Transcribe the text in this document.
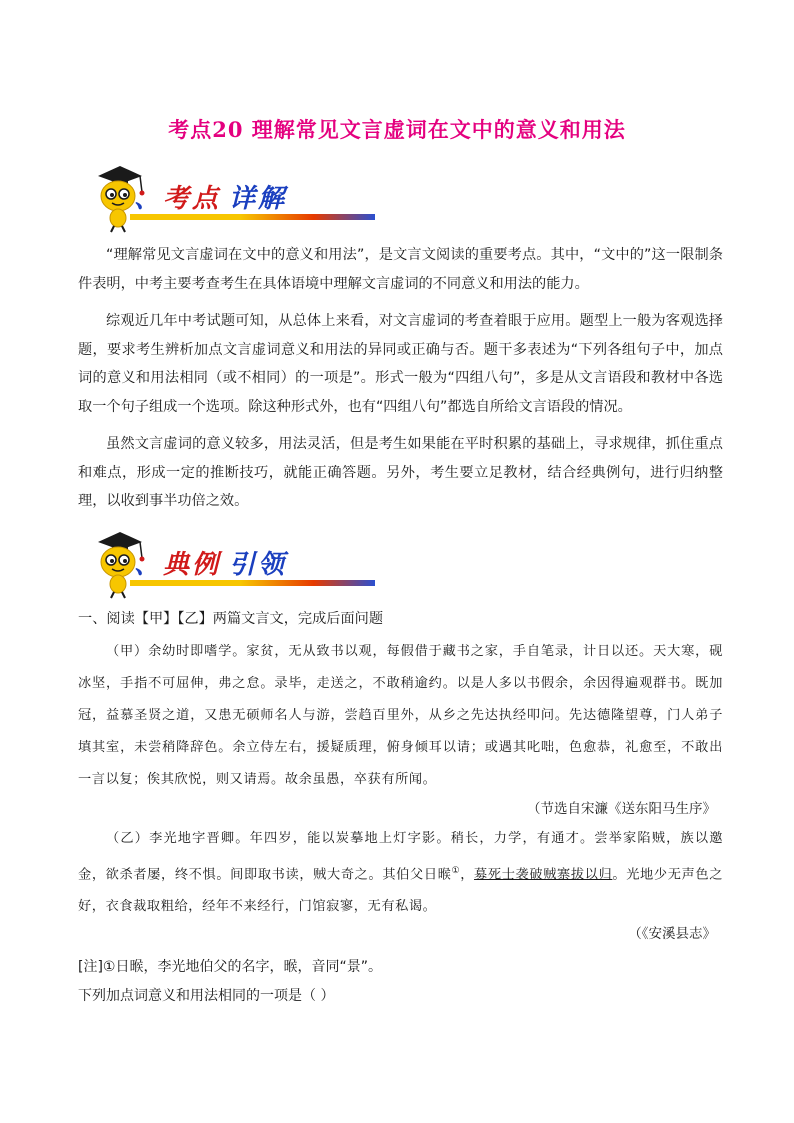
考点20 理解常见文言虚词在文中的意义和用法
、考点 详解

“理解常见文言虚词在文中的意义和用法”，是文言文阅读的重要考点。其中，“文中的”这一限制条件表明，中考主要考查考生在具体语境中理解文言虚词的不同意义和用法的能力。

综观近几年中考试题可知，从总体上来看，对文言虚词的考查着眼于应用。题型上一般为客观选择题，要求考生辨析加点文言虚词意义和用法的异同或正确与否。题干多表述为“下列各组句子中，加点词的意义和用法相同（或不相同）的一项是”。形式一般为“四组八句”，多是从文言语段和教材中各选取一个句子组成一个选项。除这种形式外，也有“四组八句”都选自所给文言语段的情况。

虽然文言虚词的意义较多，用法灵活，但是考生如果能在平时积累的基础上，寻求规律，抓住重点和难点，形成一定的推断技巧，就能正确答题。另外，考生要立足教材，结合经典例句，进行归纳整理，以收到事半功倍之效。

、典例 引领
一、阅读【甲】【乙】两篇文言文，完成后面问题

（甲）余幼时即嗜学。家贫，无从致书以观，每假借于藏书之家，手自笔录，计日以还。天大寒，砚冰坚，手指不可屈伸，弗之怠。录毕，走送之，不敢稍逾约。以是人多以书假余，余因得遍观群书。既加冠，益慕圣贤之道，又患无硕师名人与游，尝趋百里外，从乡之先达执经叩问。先达德隆望尊，门人弟子填其室，未尝稍降辞色。余立侍左右，援疑质理，俯身倾耳以请；或遇其叱咄，色愈恭，礼愈至，不敢出一言以复；俟其欣悦，则又请焉。故余虽愚，卒获有所闻。

（节选自宋濂《送东阳马生序》

（乙）李光地字晋卿。年四岁，能以炭摹地上灯字影。稍长，力学，有通才。尝举家陷贼，族以邀金，欲杀者屡，终不惧。间即取书读，贼大奇之。其伯父日㬋①，募死士袭破贼寨拔以归。光地少无声色之好，衣食裁取粗给，经年不来经行，门馆寂寥，无有私谒。

（《安溪县志》
[注]①日㬋，李光地伯父的名字，㬋，音同“景”。
下列加点词意义和用法相同的一项是（ ）
